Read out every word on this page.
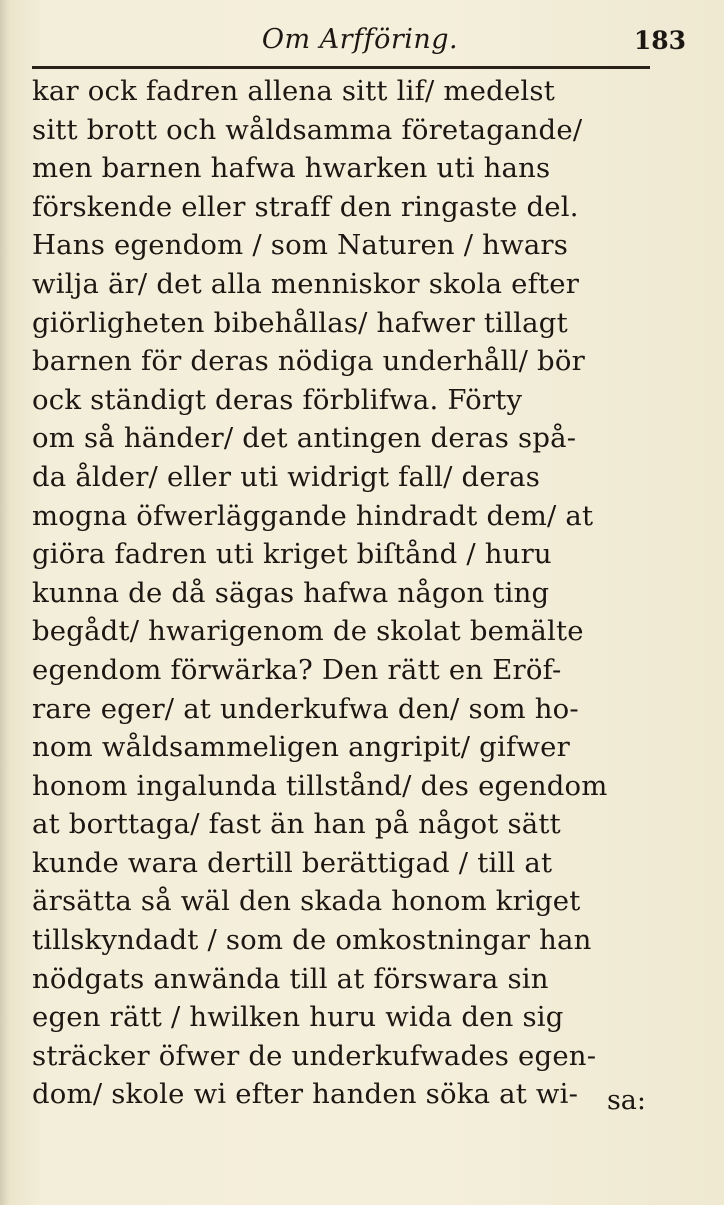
Om Arfföring.	183
kar ock fadren allena sitt lif/ medelst
sitt brott och wåldsamma företagande/
men barnen hafwa hwarken uti hans
förskende eller straff den ringaste del.
Hans egendom / som Naturen / hwars
wilja är/ det alla menniskor skola efter
giörligheten bibehållas/ hafwer tillagt
barnen för deras nödiga underhåll/ bör
ock ständigt deras förblifwa. Förty
om så händer/ det antingen deras spå-
da ålder/ eller uti widrigt fall/ deras
mogna öfwerläggande hindradt dem/ at
giöra fadren uti kriget biſtånd / huru
kunna de då sägas hafwa någon ting
begådt/ hwarigenom de skolat bemälte
egendom förwärka? Den rätt en Eröf-
rare eger/ at underkufwa den/ som ho-
nom wåldsammeligen angripit/ gifwer
honom ingalunda tillstånd/ des egendom
at borttaga/ fast än han på något sätt
kunde wara dertill berättigad / till at
ärsätta så wäl den skada honom kriget
tillskyndadt / som de omkostningar han
nödgats anwända till at förswara sin
egen rätt / hwilken huru wida den sig
sträcker öfwer de underkufwades egen-
dom/ skole wi efter handen söka at wi-	sa:
